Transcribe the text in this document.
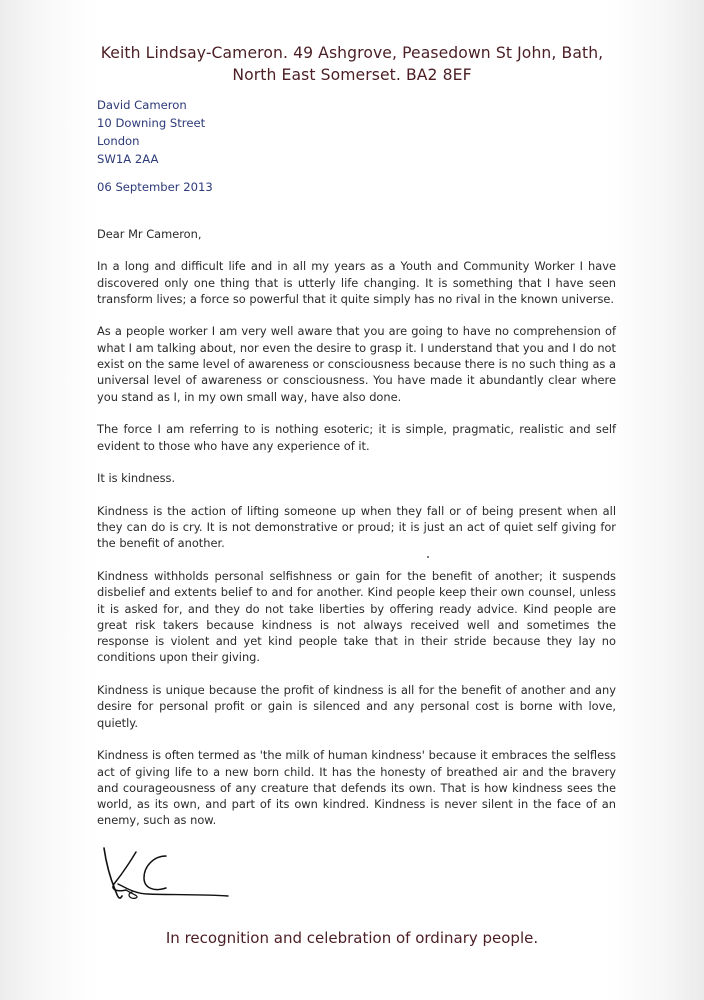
Keith Lindsay-Cameron. 49 Ashgrove, Peasedown St John, Bath,
North East Somerset. BA2 8EF
David Cameron
10 Downing Street
London
SW1A 2AA
06 September 2013

Dear Mr Cameron,

In a long and difficult life and in all my years as a Youth and Community Worker I have discovered only one thing that is utterly life changing. It is something that I have seen transform lives; a force so powerful that it quite simply has no rival in the known universe.

As a people worker I am very well aware that you are going to have no comprehension of what I am talking about, nor even the desire to grasp it. I understand that you and I do not exist on the same level of awareness or consciousness because there is no such thing as a universal level of awareness or consciousness. You have made it abundantly clear where you stand as I, in my own small way, have also done.

The force I am referring to is nothing esoteric; it is simple, pragmatic, realistic and self evident to those who have any experience of it.

It is kindness.

Kindness is the action of lifting someone up when they fall or of being present when all they can do is cry. It is not demonstrative or proud; it is just an act of quiet self giving for the benefit of another.

Kindness withholds personal selfishness or gain for the benefit of another; it suspends disbelief and extents belief to and for another. Kind people keep their own counsel, unless it is asked for, and they do not take liberties by offering ready advice. Kind people are great risk takers because kindness is not always received well and sometimes the response is violent and yet kind people take that in their stride because they lay no conditions upon their giving.

Kindness is unique because the profit of kindness is all for the benefit of another and any desire for personal profit or gain is silenced and any personal cost is borne with love, quietly.

Kindness is often termed as 'the milk of human kindness' because it embraces the selfless act of giving life to a new born child. It has the honesty of breathed air and the bravery and courageousness of any creature that defends its own. That is how kindness sees the world, as its own, and part of its own kindred. Kindness is never silent in the face of an enemy, such as now.

In recognition and celebration of ordinary people.
